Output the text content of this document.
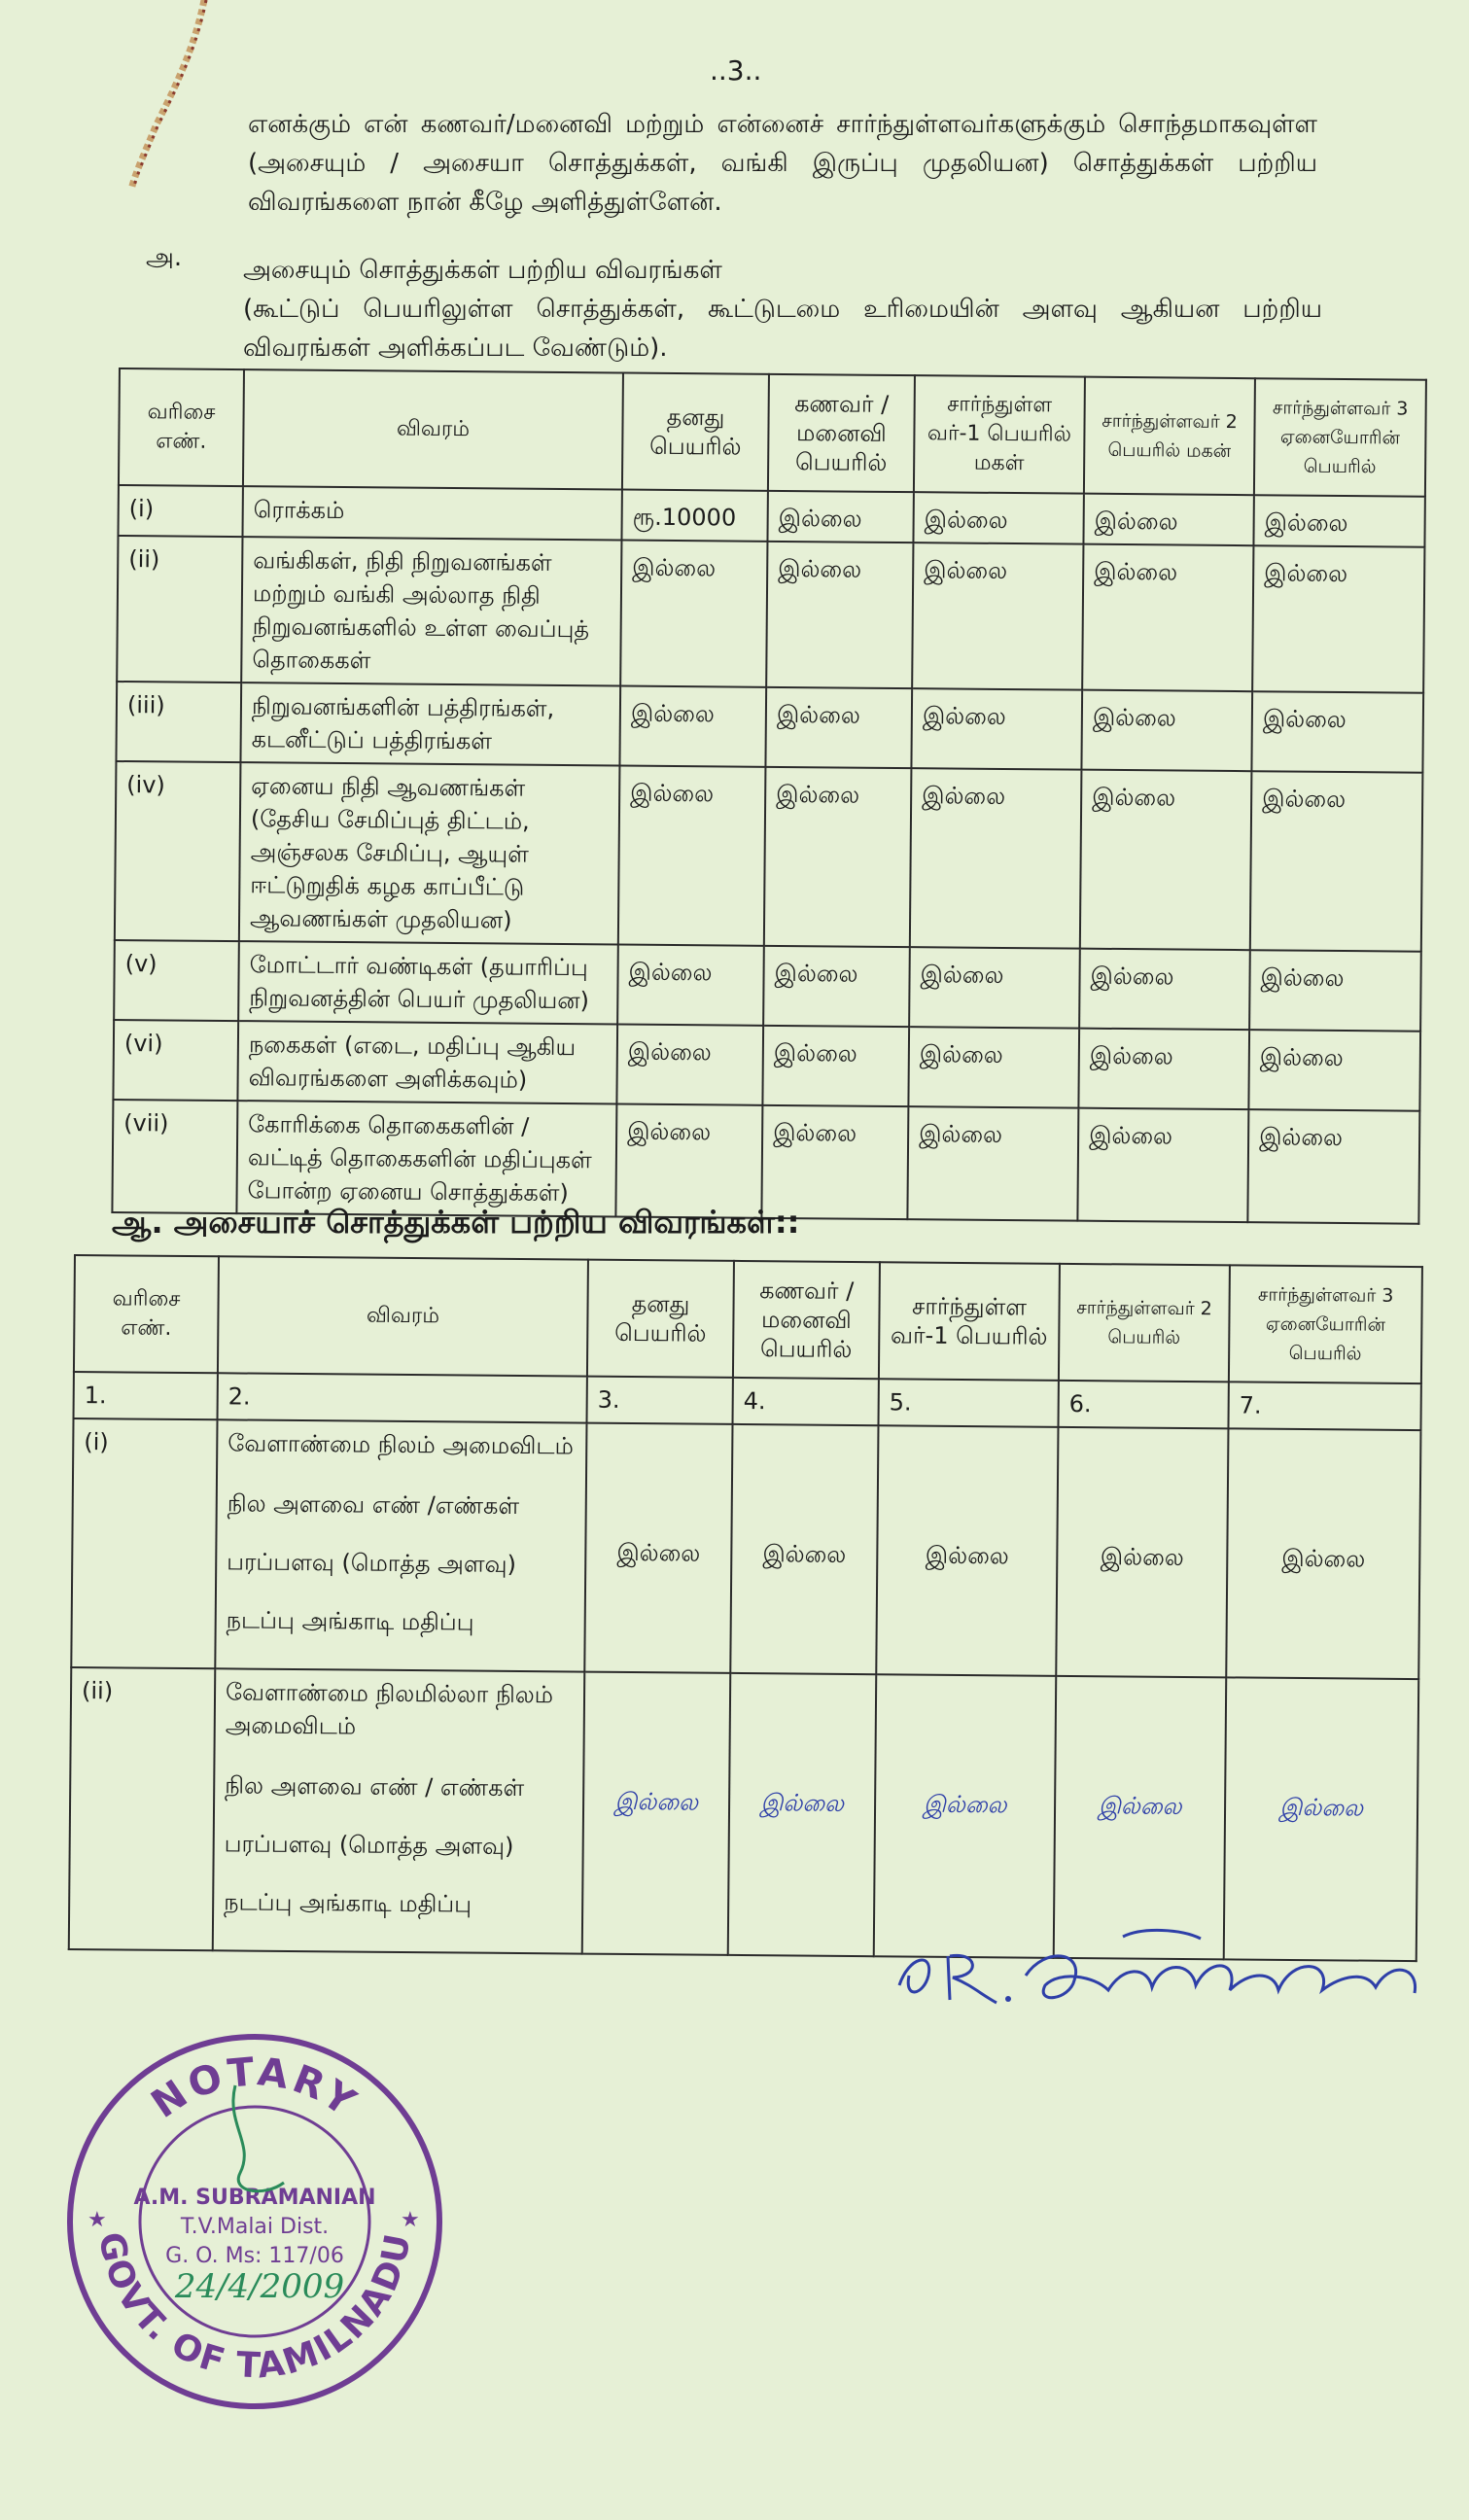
..3..
எனக்கும் என் கணவர்/மனைவி மற்றும் என்னைச் சார்ந்துள்ளவர்களுக்கும் சொந்தமாகவுள்ள (அசையும் / அசையா சொத்துக்கள், வங்கி இருப்பு முதலியன) சொத்துக்கள் பற்றிய விவரங்களை நான் கீழே அளித்துள்ளேன்.
அ. அசையும் சொத்துக்கள் பற்றிய விவரங்கள்
(கூட்டுப் பெயரிலுள்ள சொத்துக்கள், கூட்டுடமை உரிமையின் அளவு ஆகியன பற்றிய விவரங்கள் அளிக்கப்பட வேண்டும்).
வரிசை எண்.	விவரம்	தனது பெயரில்	கணவர் / மனைவி பெயரில்	சார்ந்துள்ள வர்-1 பெயரில் மகள்	சார்ந்துள்ளவர் 2 பெயரில் மகன்	சார்ந்துள்ளவர் 3 ஏனையோரின் பெயரில்
(i)	ரொக்கம்	ரூ.10000	இல்லை	இல்லை	இல்லை	இல்லை
(ii)	வங்கிகள், நிதி நிறுவனங்கள் மற்றும் வங்கி அல்லாத நிதி நிறுவனங்களில் உள்ள வைப்புத் தொகைகள்	இல்லை	இல்லை	இல்லை	இல்லை	இல்லை
(iii)	நிறுவனங்களின் பத்திரங்கள், கடனீட்டுப் பத்திரங்கள்	இல்லை	இல்லை	இல்லை	இல்லை	இல்லை
(iv)	ஏனைய நிதி ஆவணங்கள் (தேசிய சேமிப்புத் திட்டம், அஞ்சலக சேமிப்பு, ஆயுள் ஈட்டுறுதிக் கழக காப்பீட்டு ஆவணங்கள் முதலியன)	இல்லை	இல்லை	இல்லை	இல்லை	இல்லை
(v)	மோட்டார் வண்டிகள் (தயாரிப்பு நிறுவனத்தின் பெயர் முதலியன)	இல்லை	இல்லை	இல்லை	இல்லை	இல்லை
(vi)	நகைகள் (எடை, மதிப்பு ஆகிய விவரங்களை அளிக்கவும்)	இல்லை	இல்லை	இல்லை	இல்லை	இல்லை
(vii)	கோரிக்கை தொகைகளின் / வட்டித் தொகைகளின் மதிப்புகள் போன்ற ஏனைய சொத்துக்கள்)	இல்லை	இல்லை	இல்லை	இல்லை	இல்லை
ஆ. அசையாச் சொத்துக்கள் பற்றிய விவரங்கள்::
வரிசை எண்.	விவரம்	தனது பெயரில்	கணவர் / மனைவி பெயரில்	சார்ந்துள்ள வர்-1 பெயரில்	சார்ந்துள்ளவர் 2 பெயரில்	சார்ந்துள்ளவர் 3 ஏனையோரின் பெயரில்
1.	2.	3.	4.	5.	6.	7.
(i)	வேளாண்மை நிலம் அமைவிடம்
நில அளவை எண் /எண்கள்
பரப்பளவு (மொத்த அளவு)
நடப்பு அங்காடி மதிப்பு	இல்லை	இல்லை	இல்லை	இல்லை	இல்லை
(ii)	வேளாண்மை நிலமில்லா நிலம் அமைவிடம்
நில அளவை எண் / எண்கள்
பரப்பளவு (மொத்த அளவு)
நடப்பு அங்காடி மதிப்பு	இல்லை	இல்லை	இல்லை	இல்லை	இல்லை
NOTARY
GOVT. OF TAMILNADU
A.M. SUBRAMANIAN
T.V.Malai Dist.
G. O. Ms: 117/06
24/4/2009
★	★
